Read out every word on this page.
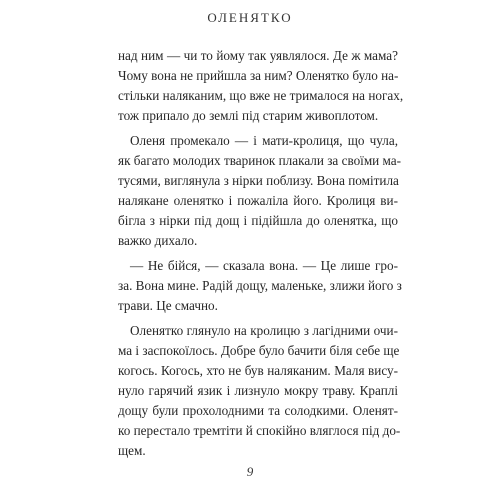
ОЛЕНЯТКО
над ним — чи то йому так уявлялося. Де ж мама?
Чому вона не прийшла за ним? Оленятко було на-
стільки наляканим, що вже не трималося на ногах,
тож припало до землі під старим живоплотом.
Оленя промекало — і мати-кролиця, що чула,
як багато молодих тваринок плакали за своїми ма-
тусями, виглянула з нірки поблизу. Вона помітила
налякане оленятко і пожаліла його. Кролиця ви-
бігла з нірки під дощ і підійшла до оленятка, що
важко дихало.
— Не бійся, — сказала вона. — Це лише гро-
за. Вона мине. Радій дощу, маленьке, злижи його з
трави. Це смачно.
Оленятко глянуло на кролицю з лагідними очи-
ма і заспокоїлось. Добре було бачити біля себе ще
когось. Когось, хто не був наляканим. Маля вису-
нуло гарячий язик і лизнуло мокру траву. Краплі
дощу були прохолодними та солодкими. Оленят-
ко перестало тремтіти й спокійно вляглося під до-
щем.
9
